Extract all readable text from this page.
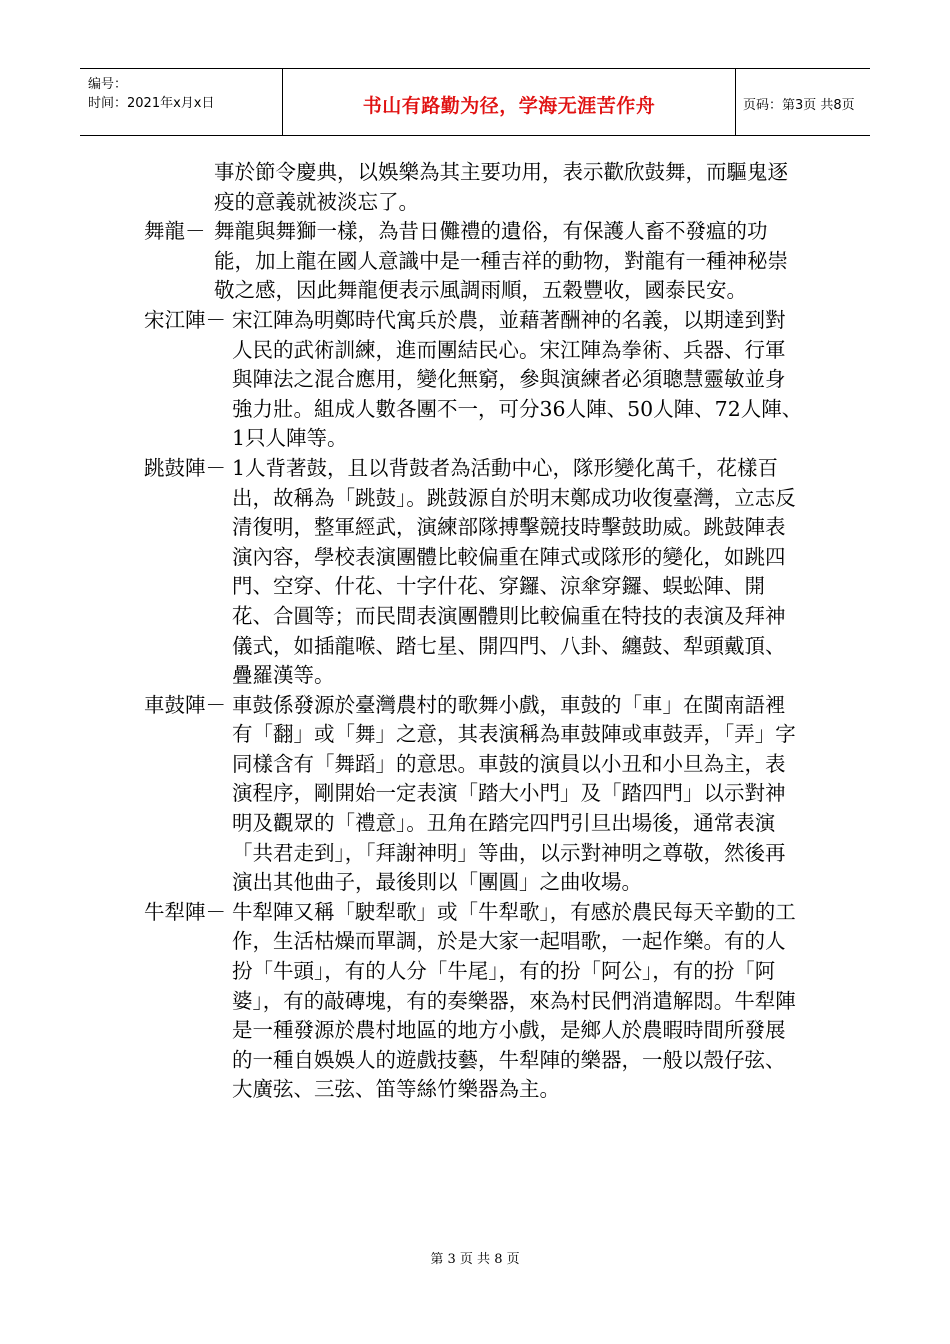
编号：
时间：2021年x月x日	书山有路勤为径，学海无涯苦作舟	页码：第3页 共8页
事於節令慶典，以娛樂為其主要功用，表示歡欣鼓舞，而驅鬼逐疫的意義就被淡忘了。
舞龍－ 舞龍與舞獅一樣，為昔日儺禮的遺俗，有保護人畜不發瘟的功能，加上龍在國人意識中是一種吉祥的動物，對龍有一種神秘崇敬之感，因此舞龍便表示風調雨順，五穀豐收，國泰民安。
宋江陣－ 宋江陣為明鄭時代寓兵於農，並藉著酬神的名義，以期達到對人民的武術訓練，進而團結民心。宋江陣為拳術、兵器、行軍與陣法之混合應用，變化無窮，參與演練者必須聰慧靈敏並身強力壯。組成人數各團不一，可分36人陣、50人陣、72人陣、1只人陣等。
跳鼓陣－ 1人背著鼓，且以背鼓者為活動中心，隊形變化萬千，花樣百出，故稱為「跳鼓」。跳鼓源自於明末鄭成功收復臺灣，立志反清復明，整軍經武，演練部隊搏擊競技時擊鼓助威。跳鼓陣表演內容，學校表演團體比較偏重在陣式或隊形的變化，如跳四門、空穿、什花、十字什花、穿鑼、涼傘穿鑼、蜈蚣陣、開花、合圓等；而民間表演團體則比較偏重在特技的表演及拜神儀式，如插龍喉、踏七星、開四門、八卦、纏鼓、犁頭戴頂、疊羅漢等。
車鼓陣－ 車鼓係發源於臺灣農村的歌舞小戲，車鼓的「車」在閩南語裡有「翻」或「舞」之意，其表演稱為車鼓陣或車鼓弄，「弄」字同樣含有「舞蹈」的意思。車鼓的演員以小丑和小旦為主，表演程序，剛開始一定表演「踏大小門」及「踏四門」以示對神明及觀眾的「禮意」。丑角在踏完四門引旦出場後，通常表演「共君走到」，「拜謝神明」等曲，以示對神明之尊敬，然後再演出其他曲子，最後則以「團圓」之曲收場。
牛犁陣－ 牛犁陣又稱「駛犁歌」或「牛犁歌」，有感於農民每天辛勤的工作，生活枯燥而單調，於是大家一起唱歌，一起作樂。有的人扮「牛頭」，有的人分「牛尾」，有的扮「阿公」，有的扮「阿婆」，有的敲磚塊，有的奏樂器，來為村民們消遣解悶。牛犁陣是一種發源於農村地區的地方小戲，是鄉人於農暇時間所發展的一種自娛娛人的遊戲技藝，牛犁陣的樂器，一般以殼仔弦、大廣弦、三弦、笛等絲竹樂器為主。
第 3 页 共 8 页
